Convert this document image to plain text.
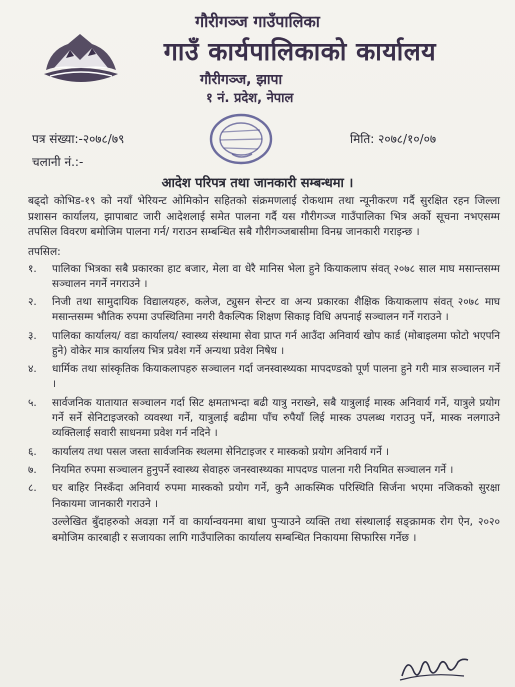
गौरीगञ्ज गाउँपालिका
गाउँ कार्यपालिकाको कार्यालय
गौरीगञ्ज, झापा
१ नं. प्रदेश, नेपाल
पत्र संख्या:-२०७८/७९
चलानी नं.:-
मिति: २०७८/१०/०७
आदेश परिपत्र तथा जानकारी सम्बन्धमा ।

बढ्दो कोभिड-१९ को नयाँ भेरियन्ट ओमिकोन सहितको संक्रमणलाई रोकथाम तथा न्यूनीकरण गर्दै सुरक्षित रहन जिल्ला प्रशासन कार्यालय, झापाबाट जारी आदेशलाई समेत पालना गर्दै यस गौरीगञ्ज गाउँपालिका भित्र अर्को सूचना नभएसम्म तपसिल विवरण बमोजिम पालना गर्न/ गराउन सम्बन्धित सबै गौरीगञ्जबासीमा विनम्र जानकारी गराइन्छ ।

तपसिल:
१.	पालिका भित्रका सबै प्रकारका हाट बजार, मेला वा धेरै मानिस भेला हुने कियाकलाप संवत् २०७८ साल माघ मसान्तसम्म सञ्चालन नगर्ने नगराउने ।
२.	निजी तथा सामुदायिक विद्यालयहरु, कलेज, ट्युसन सेन्टर वा अन्य प्रकारका शैक्षिक कियाकलाप संवत् २०७८ माघ मसान्तसम्म भौतिक रुपमा उपस्थितिमा नगरी वैकल्पिक शिक्षण सिकाइ विधि अपनाई सञ्चालन गर्ने गराउने ।
३.	पालिका कार्यालय/ वडा कार्यालय/ स्वास्थ्य संस्थामा सेवा प्राप्त गर्न आउँदा अनिवार्य खोप कार्ड (मोबाइलमा फोटो भएपनि हुने) वोकेर मात्र कार्यालय भित्र प्रवेश गर्ने अन्यथा प्रवेश निषेध ।
४.	धार्मिक तथा सांस्कृतिक कियाकलापहरु सञ्चालन गर्दा जनस्वास्थ्यका मापदण्डको पूर्ण पालना हुने गरी मात्र सञ्चालन गर्ने ।
५.	सार्वजनिक यातायात सञ्चालन गर्दा सिट क्षमताभन्दा बढी यात्रु नराख्ने, सबै यात्रुलाई मास्क अनिवार्य गर्ने, यात्रुले प्रयोग गर्ने सर्ने सेनिटाइजरको व्यवस्था गर्ने, यात्रुलाई बढीमा पाँच रुपैयाँ लिई मास्क उपलब्ध गराउनु पर्ने, मास्क नलगाउने व्यक्तिलाई सवारी साधनमा प्रवेश गर्न नदिने ।
६.	कार्यालय तथा पसल जस्ता सार्वजनिक स्थलमा सेनिटाइजर र मास्कको प्रयोग अनिवार्य गर्ने ।
७.	नियमित रुपमा सञ्चालन हुनुपर्ने स्वास्थ्य सेवाहरु जनस्वास्थ्यका मापदण्ड पालना गरी नियमित सञ्चालन गर्ने ।
८.	घर बाहिर निस्कँदा अनिवार्य रुपमा मास्कको प्रयोग गर्ने, कुनै आकस्मिक परिस्थिति सिर्जना भएमा नजिकको सुरक्षा निकायमा जानकारी गराउने ।

उल्लेखित बुँदाहरुको अवज्ञा गर्ने वा कार्यान्वयनमा बाधा पुऱ्याउने व्यक्ति तथा संस्थालाई सङ्क्रामक रोग ऐन, २०२० बमोजिम कारबाही र सजायका लागि गाउँपालिका कार्यालय सम्बन्धित निकायमा सिफारिस गर्नेछ ।
